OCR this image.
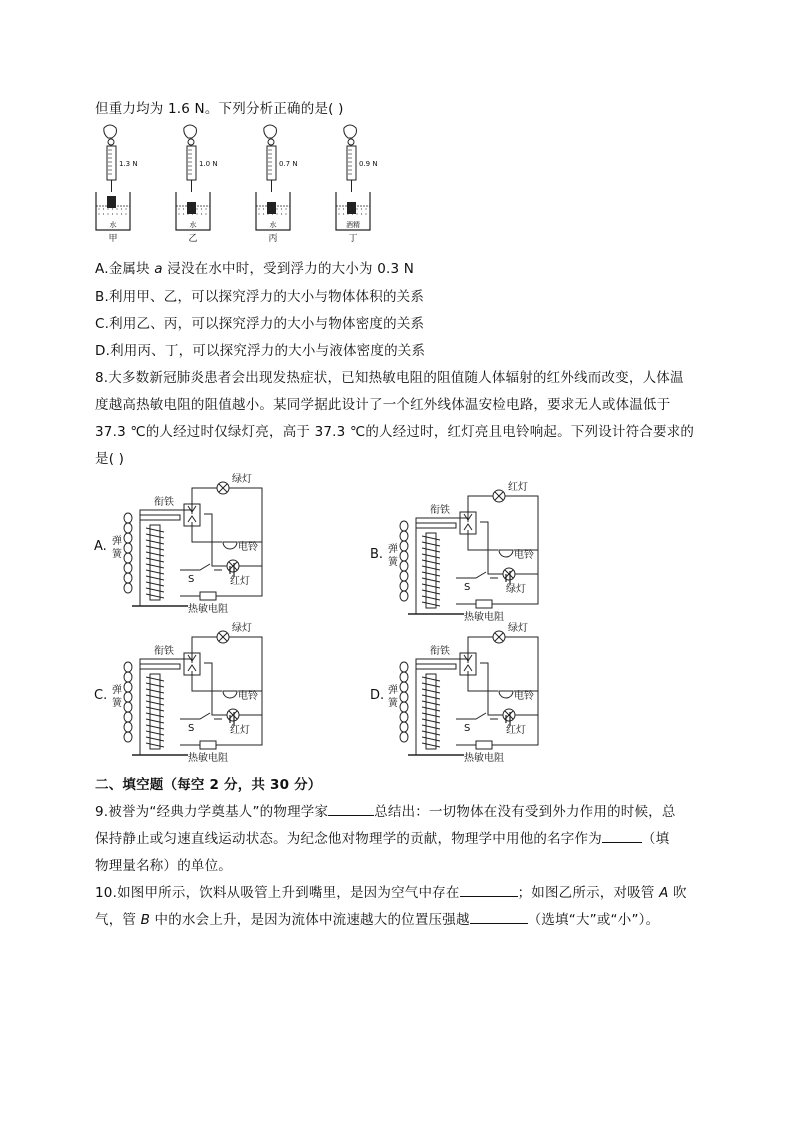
但重力均为 1.6 N。下列分析正确的是( )
1.3 N
水
甲
1.0 N
水
乙
0.7 N
水
丙
0.9 N
酒精
丁
A.金属块 a 浸没在水中时，受到浮力的大小为 0.3 N
B.利用甲、乙，可以探究浮力的大小与物体体积的关系
C.利用乙、丙，可以探究浮力的大小与物体密度的关系
D.利用丙、丁，可以探究浮力的大小与液体密度的关系
8.大多数新冠肺炎患者会出现发热症状，已知热敏电阻的阻值随人体辐射的红外线而改变，人体温
度越高热敏电阻的阻值越小。某同学据此设计了一个红外线体温安检电路，要求无人或体温低于
37.3 ℃的人经过时仅绿灯亮，高于 37.3 ℃的人经过时，红灯亮且电铃响起。下列设计符合要求的
是( )
A. 弹
簧
衔铁
绿灯
电铃
红灯
S
热敏电阻
B. 弹
簧
衔铁
红灯
电铃
绿灯
S
热敏电阻
C. 弹
簧
衔铁
绿灯
电铃
红灯
S
热敏电阻
D. 弹
簧
衔铁
绿灯
电铃
红灯
S
热敏电阻
二、填空题（每空 2 分，共 30 分）
9.被誉为“经典力学奠基人”的物理学家	总结出：一切物体在没有受到外力作用的时候，总
保持静止或匀速直线运动状态。为纪念他对物理学的贡献，物理学中用他的名字作为	（填
物理量名称）的单位。
10.如图甲所示，饮料从吸管上升到嘴里，是因为空气中存在	；如图乙所示，对吸管 A 吹
气，管 B 中的水会上升，是因为流体中流速越大的位置压强越	（选填“大”或“小”）。
